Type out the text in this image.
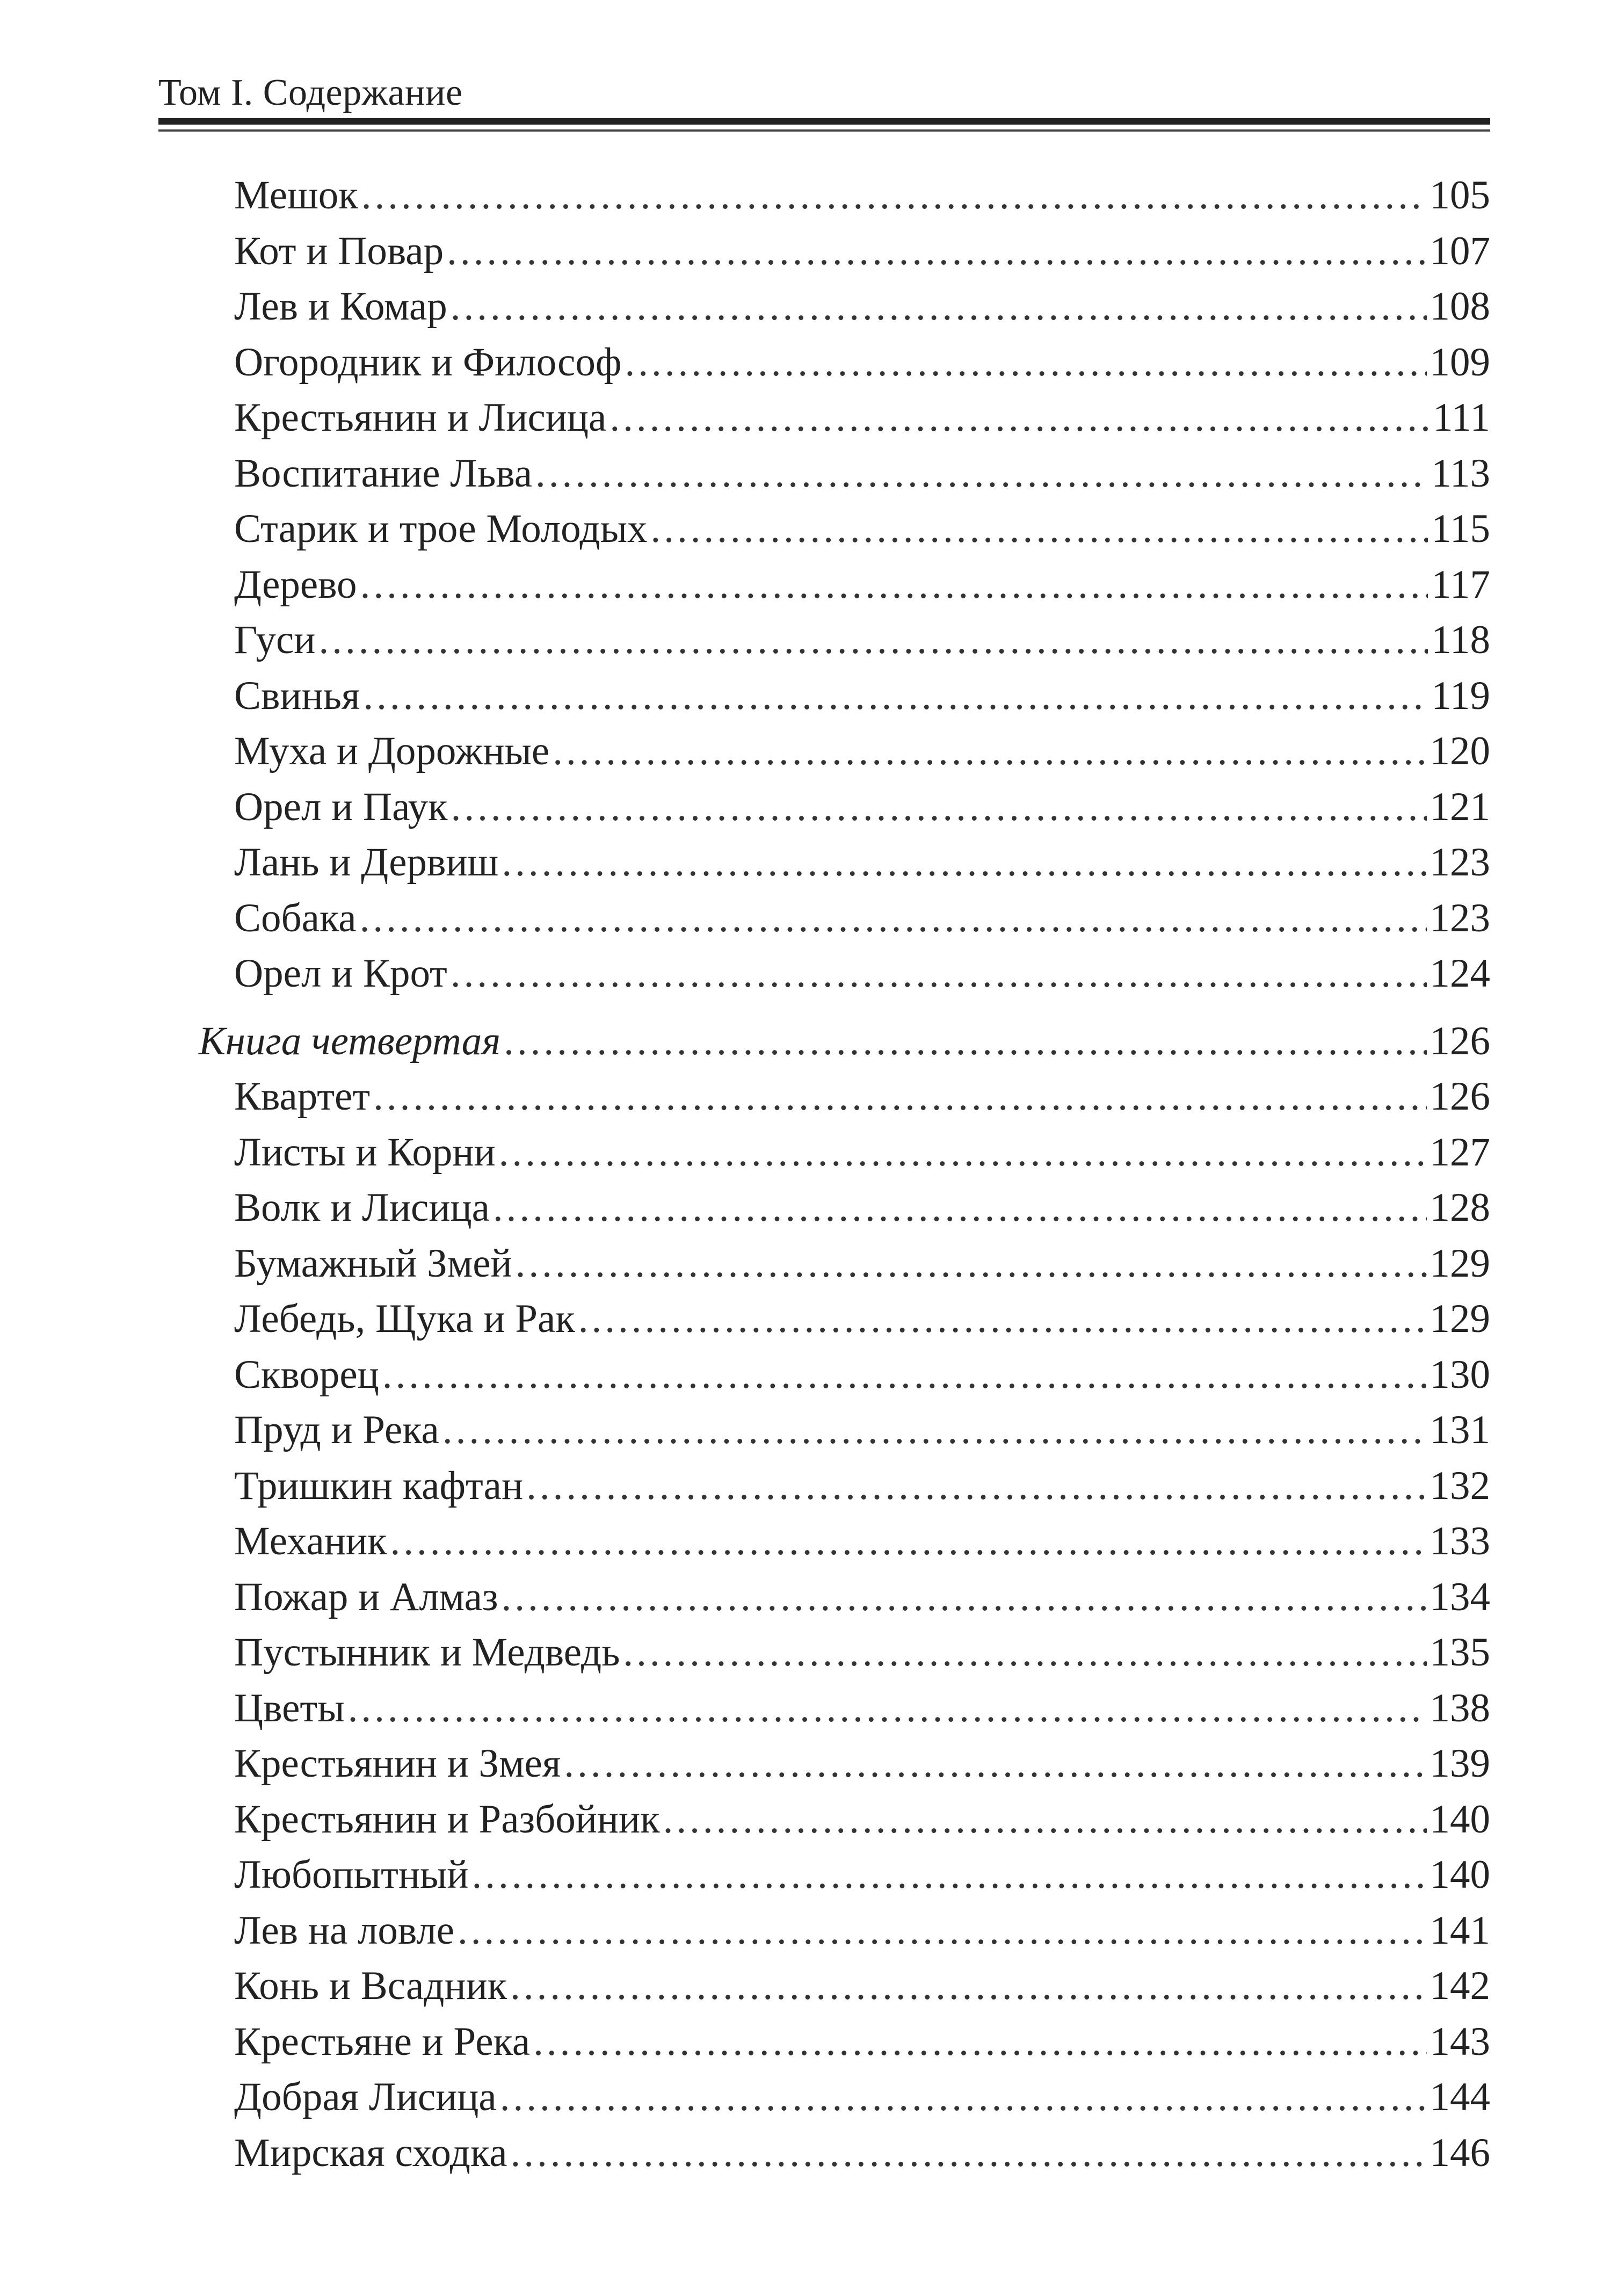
Том I. Содержание
Мешок .....	105
Кот и Повар .....	107
Лев и Комар .....	108
Огородник и Философ .....	109
Крестьянин и Лисица .....	111
Воспитание Льва .....	113
Старик и трое Молодых .....	115
Дерево .....	117
Гуси .....	118
Свинья .....	119
Муха и Дорожные .....	120
Орел и Паук .....	121
Лань и Дервиш .....	123
Собака .....	123
Орел и Крот .....	124
Книга четвертая .....	126
Квартет .....	126
Листы и Корни .....	127
Волк и Лисица .....	128
Бумажный Змей .....	129
Лебедь, Щука и Рак .....	129
Скворец .....	130
Пруд и Река .....	131
Тришкин кафтан .....	132
Механик .....	133
Пожар и Алмаз .....	134
Пустынник и Медведь .....	135
Цветы .....	138
Крестьянин и Змея .....	139
Крестьянин и Разбойник .....	140
Любопытный .....	140
Лев на ловле .....	141
Конь и Всадник .....	142
Крестьяне и Река .....	143
Добрая Лисица .....	144
Мирская сходка .....	146
